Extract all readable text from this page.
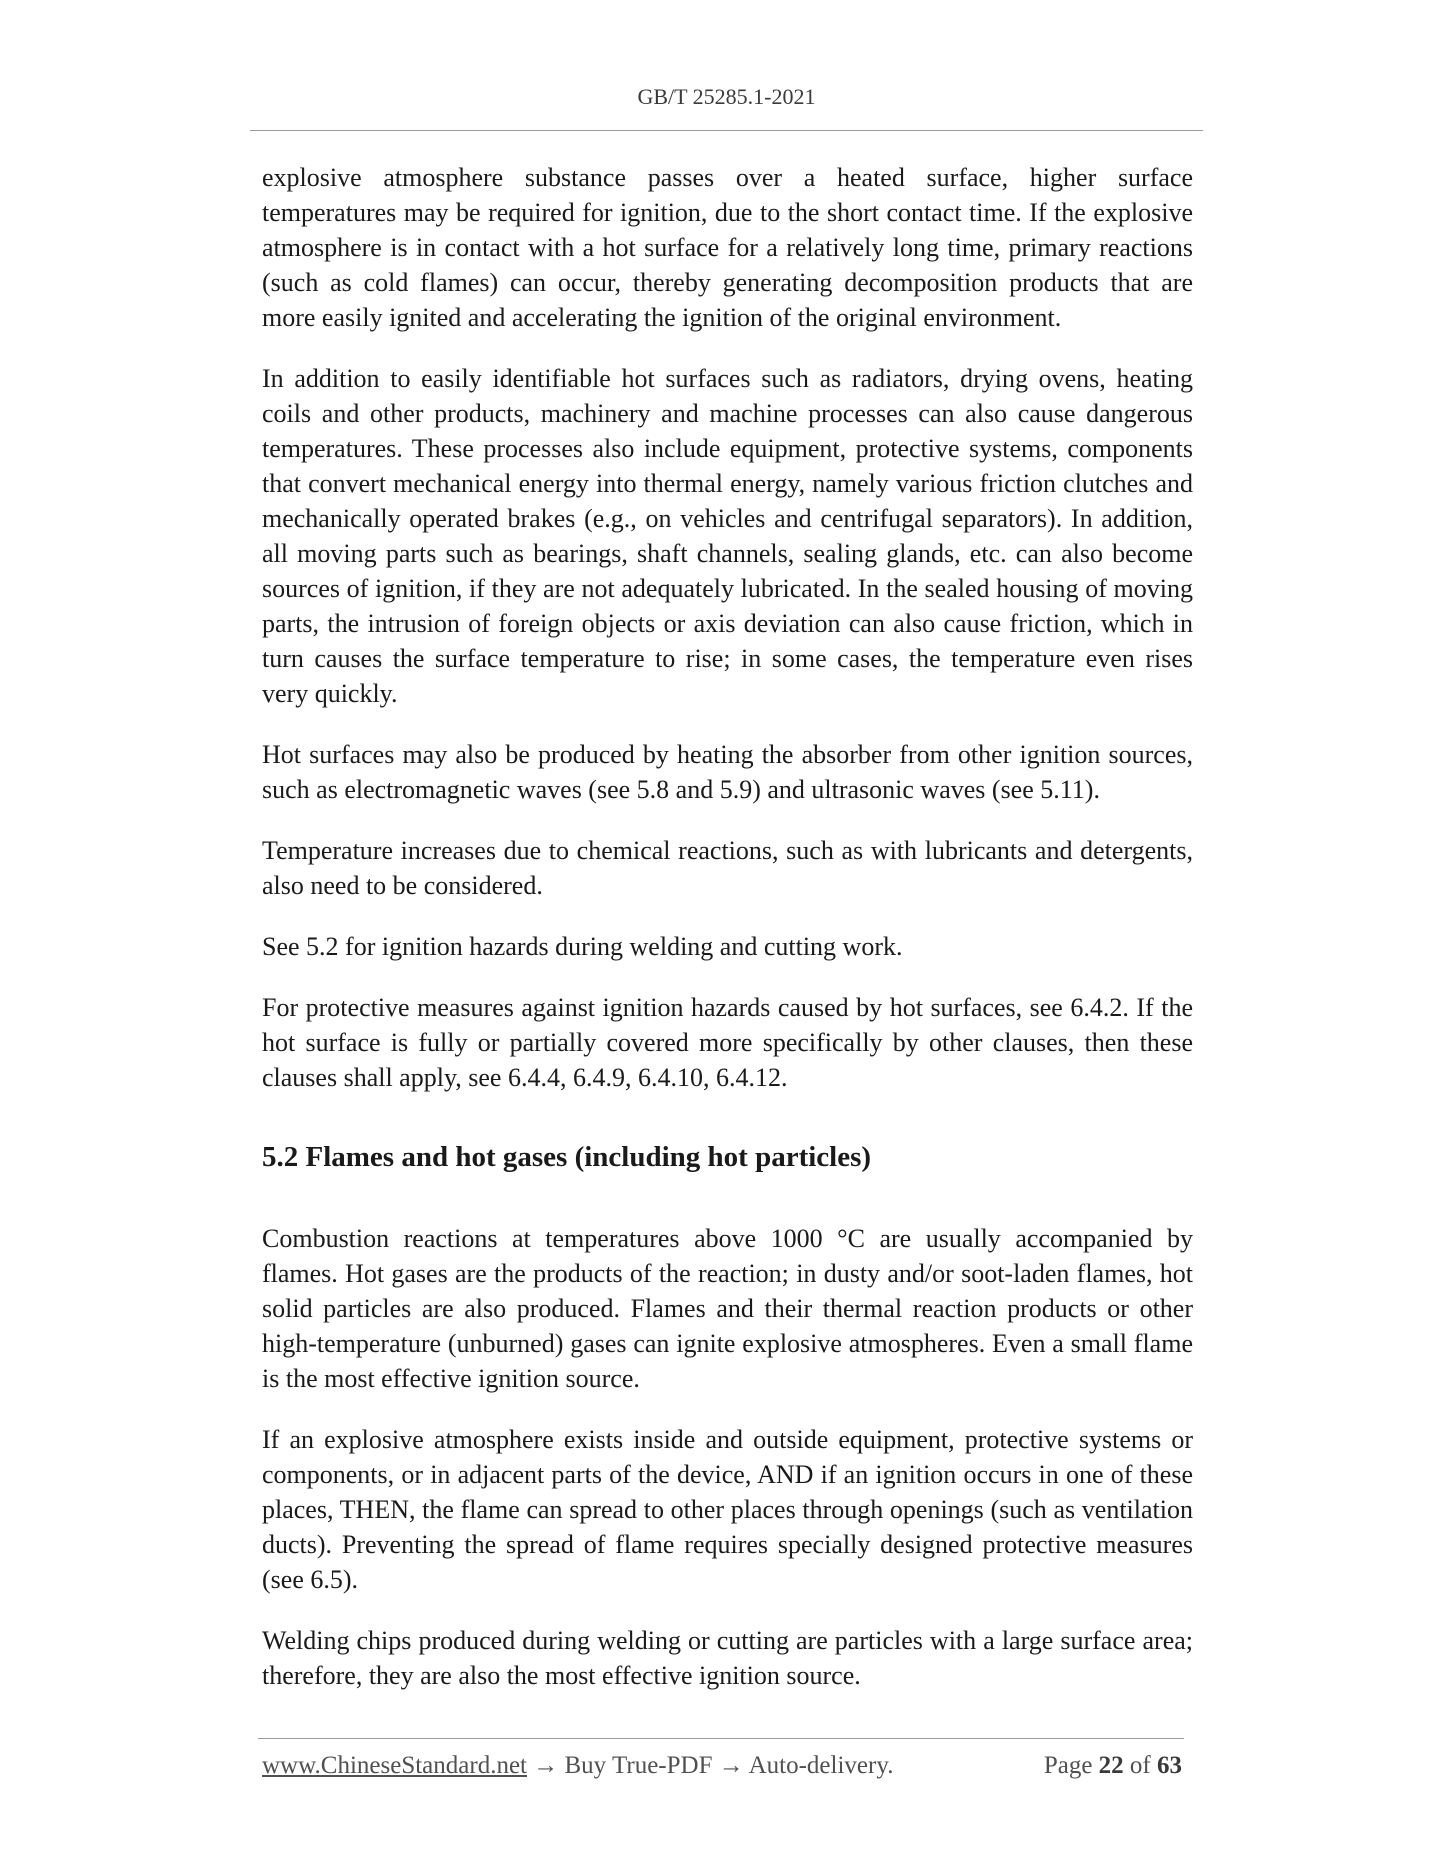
GB/T 25285.1-2021

explosive atmosphere substance passes over a heated surface, higher surface temperatures may be required for ignition, due to the short contact time. If the explosive atmosphere is in contact with a hot surface for a relatively long time, primary reactions (such as cold flames) can occur, thereby generating decomposition products that are more easily ignited and accelerating the ignition of the original environment.

In addition to easily identifiable hot surfaces such as radiators, drying ovens, heating coils and other products, machinery and machine processes can also cause dangerous temperatures. These processes also include equipment, protective systems, components that convert mechanical energy into thermal energy, namely various friction clutches and mechanically operated brakes (e.g., on vehicles and centrifugal separators). In addition, all moving parts such as bearings, shaft channels, sealing glands, etc. can also become sources of ignition, if they are not adequately lubricated. In the sealed housing of moving parts, the intrusion of foreign objects or axis deviation can also cause friction, which in turn causes the surface temperature to rise; in some cases, the temperature even rises very quickly.

Hot surfaces may also be produced by heating the absorber from other ignition sources, such as electromagnetic waves (see 5.8 and 5.9) and ultrasonic waves (see 5.11).

Temperature increases due to chemical reactions, such as with lubricants and detergents, also need to be considered.

See 5.2 for ignition hazards during welding and cutting work.

For protective measures against ignition hazards caused by hot surfaces, see 6.4.2. If the hot surface is fully or partially covered more specifically by other clauses, then these clauses shall apply, see 6.4.4, 6.4.9, 6.4.10, 6.4.12.

5.2 Flames and hot gases (including hot particles)

Combustion reactions at temperatures above 1000 °C are usually accompanied by flames. Hot gases are the products of the reaction; in dusty and/or soot-laden flames, hot solid particles are also produced. Flames and their thermal reaction products or other high-temperature (unburned) gases can ignite explosive atmospheres. Even a small flame is the most effective ignition source.

If an explosive atmosphere exists inside and outside equipment, protective systems or components, or in adjacent parts of the device, AND if an ignition occurs in one of these places, THEN, the flame can spread to other places through openings (such as ventilation ducts). Preventing the spread of flame requires specially designed protective measures (see 6.5).

Welding chips produced during welding or cutting are particles with a large surface area; therefore, they are also the most effective ignition source.

www.ChineseStandard.net → Buy True-PDF → Auto-delivery.	Page 22 of 63
